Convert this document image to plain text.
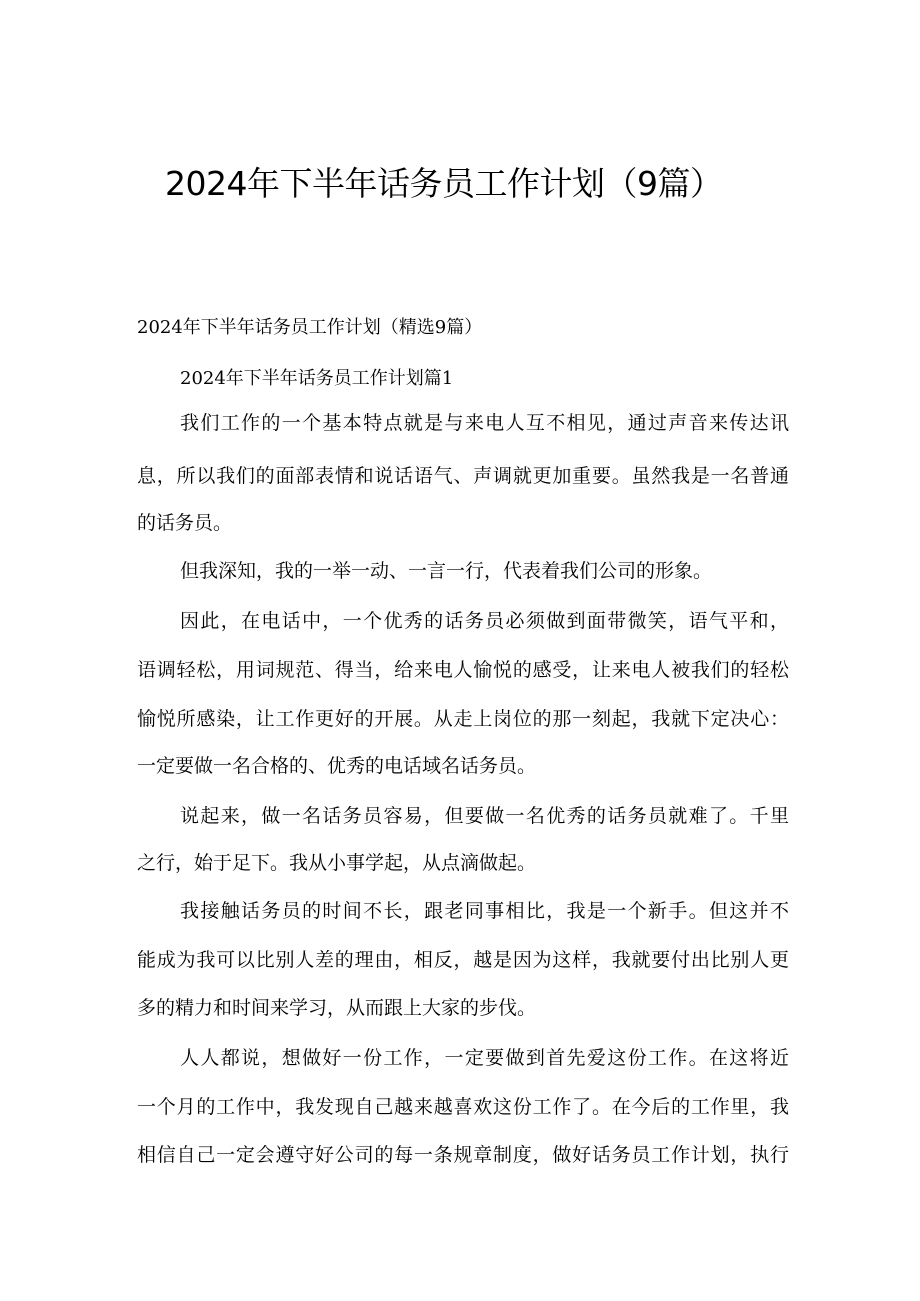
2024年下半年话务员工作计划（9篇）

2024年下半年话务员工作计划（精选9篇）

2024年下半年话务员工作计划篇1

我们工作的一个基本特点就是与来电人互不相见，通过声音来传达讯

息，所以我们的面部表情和说话语气、声调就更加重要。虽然我是一名普通

的话务员。

但我深知，我的一举一动、一言一行，代表着我们公司的形象。

因此，在电话中，一个优秀的话务员必须做到面带微笑，语气平和，

语调轻松，用词规范、得当，给来电人愉悦的感受，让来电人被我们的轻松

愉悦所感染，让工作更好的开展。从走上岗位的那一刻起，我就下定决心：

一定要做一名合格的、优秀的电话域名话务员。

说起来，做一名话务员容易，但要做一名优秀的话务员就难了。千里

之行，始于足下。我从小事学起，从点滴做起。

我接触话务员的时间不长，跟老同事相比，我是一个新手。但这并不

能成为我可以比别人差的理由，相反，越是因为这样，我就要付出比别人更

多的精力和时间来学习，从而跟上大家的步伐。

人人都说，想做好一份工作，一定要做到首先爱这份工作。在这将近

一个月的工作中，我发现自己越来越喜欢这份工作了。在今后的工作里，我

相信自己一定会遵守好公司的每一条规章制度，做好话务员工作计划，执行
